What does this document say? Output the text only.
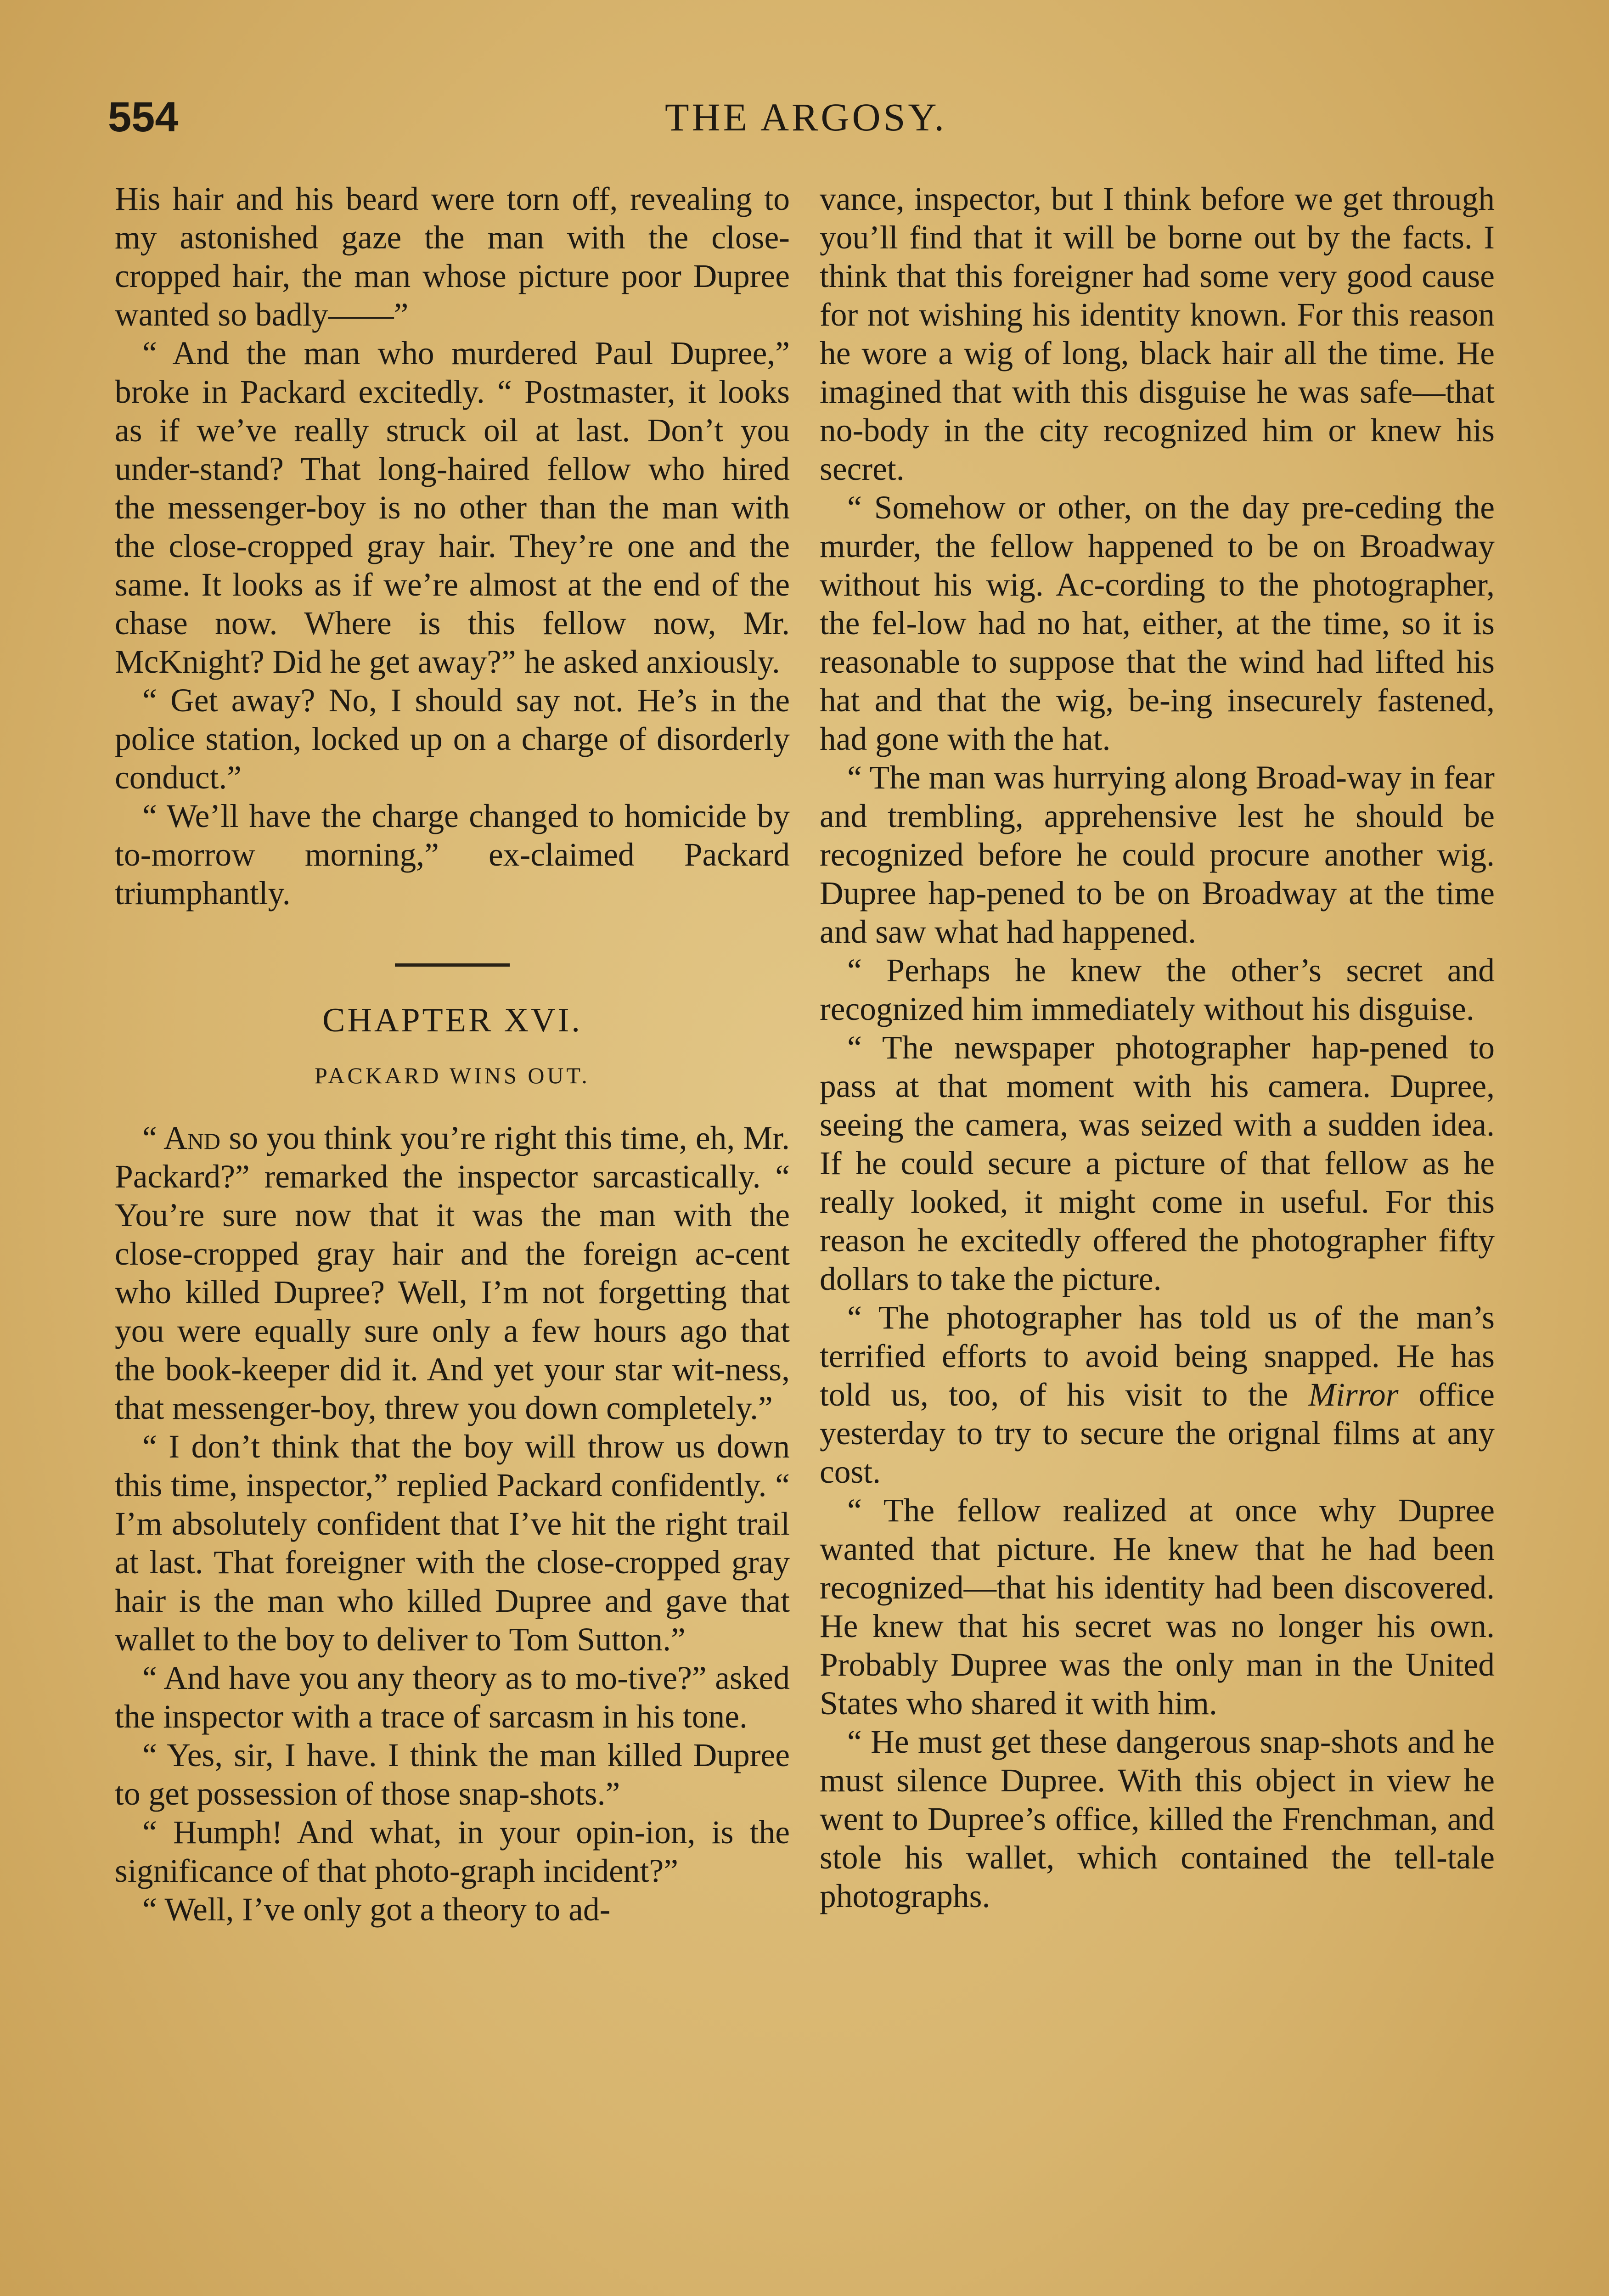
554	THE ARGOSY.

His hair and his beard were torn off, revealing to my astonished gaze the man with the close-cropped hair, the man whose picture poor Dupree wanted so badly——”

“ And the man who murdered Paul Dupree,” broke in Packard excitedly. “ Postmaster, it looks as if we’ve really struck oil at last. Don’t you under-stand? That long-haired fellow who hired the messenger-boy is no other than the man with the close-cropped gray hair. They’re one and the same. It looks as if we’re almost at the end of the chase now. Where is this fellow now, Mr. McKnight? Did he get away?” he asked anxiously.

“ Get away? No, I should say not. He’s in the police station, locked up on a charge of disorderly conduct.”

“ We’ll have the charge changed to homicide by to-morrow morning,” ex-claimed Packard triumphantly.

CHAPTER XVI.
PACKARD WINS OUT.

“ And so you think you’re right this time, eh, Mr. Packard?” remarked the inspector sarcastically. “ You’re sure now that it was the man with the close-cropped gray hair and the foreign ac-cent who killed Dupree? Well, I’m not forgetting that you were equally sure only a few hours ago that the book-keeper did it. And yet your star wit-ness, that messenger-boy, threw you down completely.”

“ I don’t think that the boy will throw us down this time, inspector,” replied Packard confidently. “ I’m absolutely confident that I’ve hit the right trail at last. That foreigner with the close-cropped gray hair is the man who killed Dupree and gave that wallet to the boy to deliver to Tom Sutton.”

“ And have you any theory as to mo-tive?” asked the inspector with a trace of sarcasm in his tone.

“ Yes, sir, I have. I think the man killed Dupree to get possession of those snap-shots.”

“ Humph! And what, in your opin-ion, is the significance of that photo-graph incident?”

“ Well, I’ve only got a theory to ad-

vance, inspector, but I think before we get through you’ll find that it will be borne out by the facts. I think that this foreigner had some very good cause for not wishing his identity known. For this reason he wore a wig of long, black hair all the time. He imagined that with this disguise he was safe—that no-body in the city recognized him or knew his secret.

“ Somehow or other, on the day pre-ceding the murder, the fellow happened to be on Broadway without his wig. Ac-cording to the photographer, the fel-low had no hat, either, at the time, so it is reasonable to suppose that the wind had lifted his hat and that the wig, be-ing insecurely fastened, had gone with the hat.

“ The man was hurrying along Broad-way in fear and trembling, apprehensive lest he should be recognized before he could procure another wig. Dupree hap-pened to be on Broadway at the time and saw what had happened.

“ Perhaps he knew the other’s secret and recognized him immediately without his disguise.

“ The newspaper photographer hap-pened to pass at that moment with his camera. Dupree, seeing the camera, was seized with a sudden idea. If he could secure a picture of that fellow as he really looked, it might come in useful. For this reason he excitedly offered the photographer fifty dollars to take the picture.

“ The photographer has told us of the man’s terrified efforts to avoid being snapped. He has told us, too, of his visit to the Mirror office yesterday to try to secure the orignal films at any cost.

“ The fellow realized at once why Dupree wanted that picture. He knew that he had been recognized—that his identity had been discovered. He knew that his secret was no longer his own. Probably Dupree was the only man in the United States who shared it with him.

“ He must get these dangerous snap-shots and he must silence Dupree. With this object in view he went to Dupree’s office, killed the Frenchman, and stole his wallet, which contained the tell-tale photographs.
